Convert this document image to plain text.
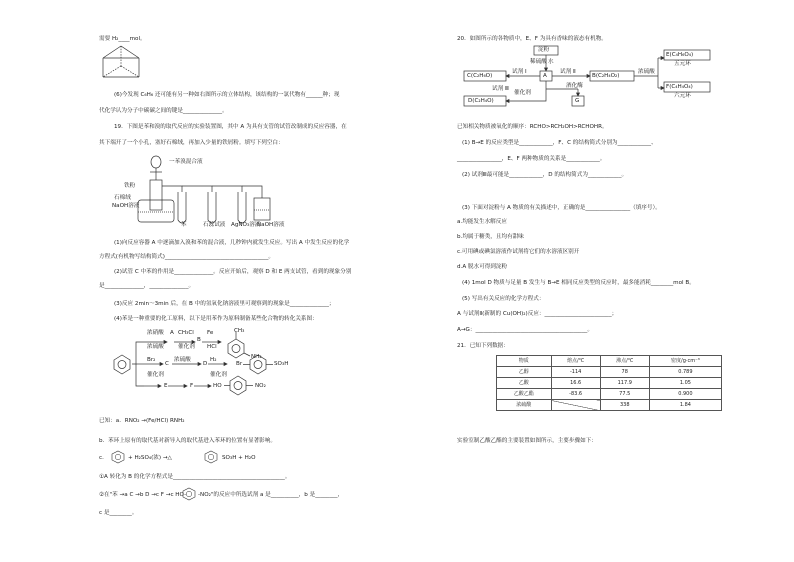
需要 H₂____mol。
(6)今发现 C₆H₆ 还可能有另一种如右图所示的立体结构，该结构的一氯代物有______种；现
代化学认为分子中碳碳之间的键是______________。
19．下图是苯和溴的取代反应的实验装置图，其中 A 为具有支管的试管改制成的反应容器，在
其下端开了一个小孔，塞好石棉绒，再加入少量的铁屑粉。填写下列空白：
一苯溴混合液
铁粉
石棉绒
NaOH溶液
苯	石蕊试液 AgNO₃溶液
NaOH溶液
(1)向反应容器 A 中逐滴加入溴和苯的混合液，几秒钟内就发生反应。写出 A 中发生反应的化学
方程式(有机物写结构简式)_____________________________________。
(2)试管 C 中苯的作用是______________。反应开始后，观察 D 和 E 两支试管，看到的现象分别
是______________，______________。
(3)反应 2min～3min 后，在 B 中的氢氧化钠溶液里可观察到的现象是______________；
(4)苯是一种重要的化工原料，以下是用苯作为原料制备某些化合物的转化关系图：
浓硝酸
浓硫酸
A CH₃Cl
催化剂
B
Fe
HCl
CH₃
NH₂
Br₂
催化剂
C
浓硫酸
D
H₂
催化剂
Br	SO₃H
E	F	HO	NO₂
已知：a．RNO₂ →(Fe/HCl) RNH₂
b．苯环上原有的取代基对新导入的取代基进入苯环的位置有显著影响。
c．	+ H₂SO₄(浓) →△	SO₃H + H₂O
①A 转化为 B 的化学方程式是________________________________________。
②在"苯 →a C →b D →c F →c HO- -NO₂"的反应中所选试剂 a 是__________，b 是________，
c 是________。
20．如图所示的各物质中，E、F 为具有香味的液态有机物。
淀粉
稀硫酸 水
A
C(C₂H₆O)
试剂 Ⅰ	试剂 Ⅱ
B(C₂H₄O₂)
浓硫酸
E(C₄H₆O₄)
五元环
F(C₄H₄O₄)
六元环
试剂 Ⅲ
催化剂
D(C₂H₄O)
酒化酶
G
已知相关物质被氧化的顺序：RCHO>RCH₂OH>RCHOHR。
(1) B→E 的反应类型是____________，F、C 的结构简式分别为____________、
________________，E、F 两种物质的关系是____________。
(2) 试剂Ⅲ最可能是____________，D 的结构简式为____________。
(3) 下面对淀粉与 A 物质的有关描述中，正确的是________________（填序号）。
a.均能发生水解反应
b.均属于糖类，且均有甜味
c.可用碘或碘氯溶液作试剂将它们的水溶液区别开
d.A 脱水可得到淀粉
(4) 1mol D 物质与足量 B 发生与 B→E 相同反应类型的反应时，最多能消耗________mol B。
(5) 写出有关反应的化学方程式：
A 与试剂Ⅱ(新制的 Cu(OH)₂)反应：________________________；
A→G：________________________________________。
21．已知下列数据：
物质	熔点/℃	沸点/℃	密度/g·cm⁻³
乙醇	-114	78	0.789
乙酸	16.6	117.9	1.05
乙酸乙酯	-83.6	77.5	0.900
浓硫酸		338	1.84
实验室制乙酸乙酯的主要装置如图所示，主要步骤如下：
